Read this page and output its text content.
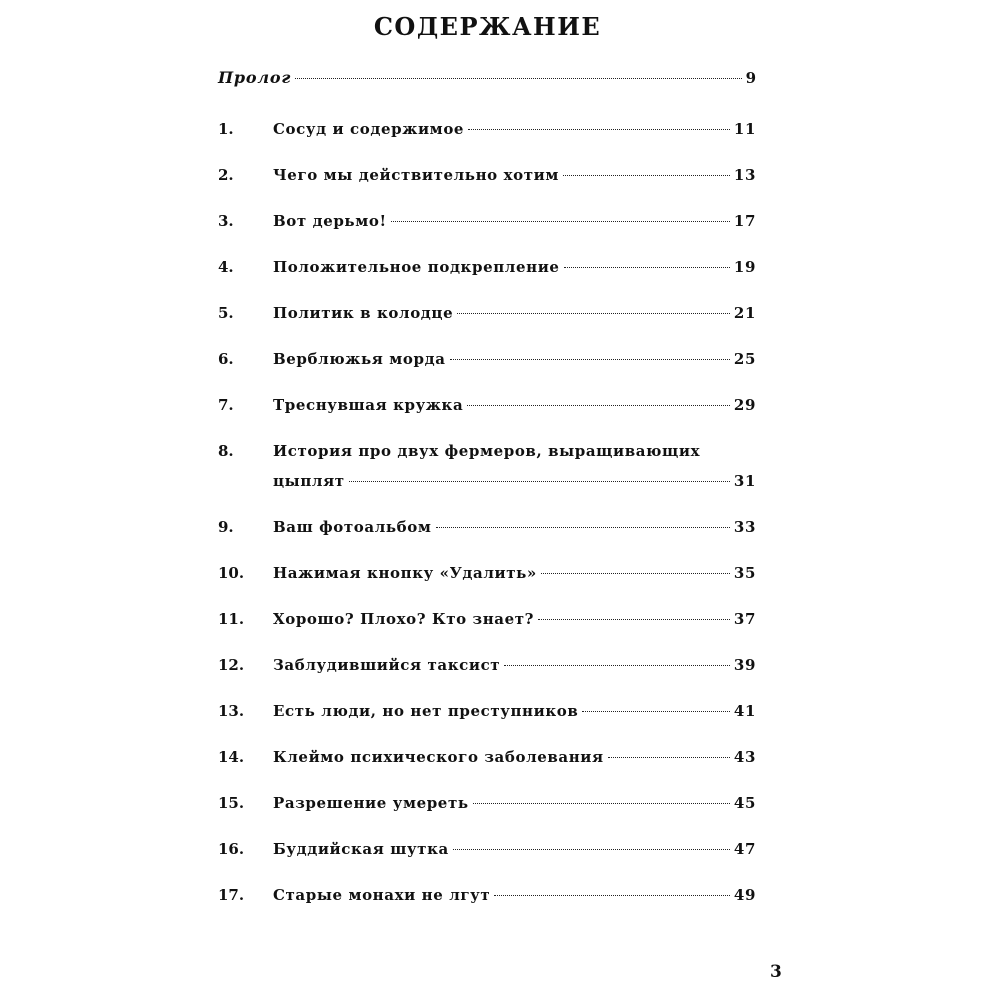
СОДЕРЖАНИЕ
Пролог	9
1.	Сосуд и содержимое	11
2.	Чего мы действительно хотим	13
3.	Вот дерьмо!	17
4.	Положительное подкрепление	19
5.	Политик в колодце	21
6.	Верблюжья морда	25
7.	Треснувшая кружка	29
8.	История про двух фермеров, выращивающих
цыплят	31
9.	Ваш фотоальбом	33
10.	Нажимая кнопку «Удалить»	35
11.	Хорошо? Плохо? Кто знает?	37
12.	Заблудившийся таксист	39
13.	Есть люди, но нет преступников	41
14.	Клеймо психического заболевания	43
15.	Разрешение умереть	45
16.	Буддийская шутка	47
17.	Старые монахи не лгут	49
3
